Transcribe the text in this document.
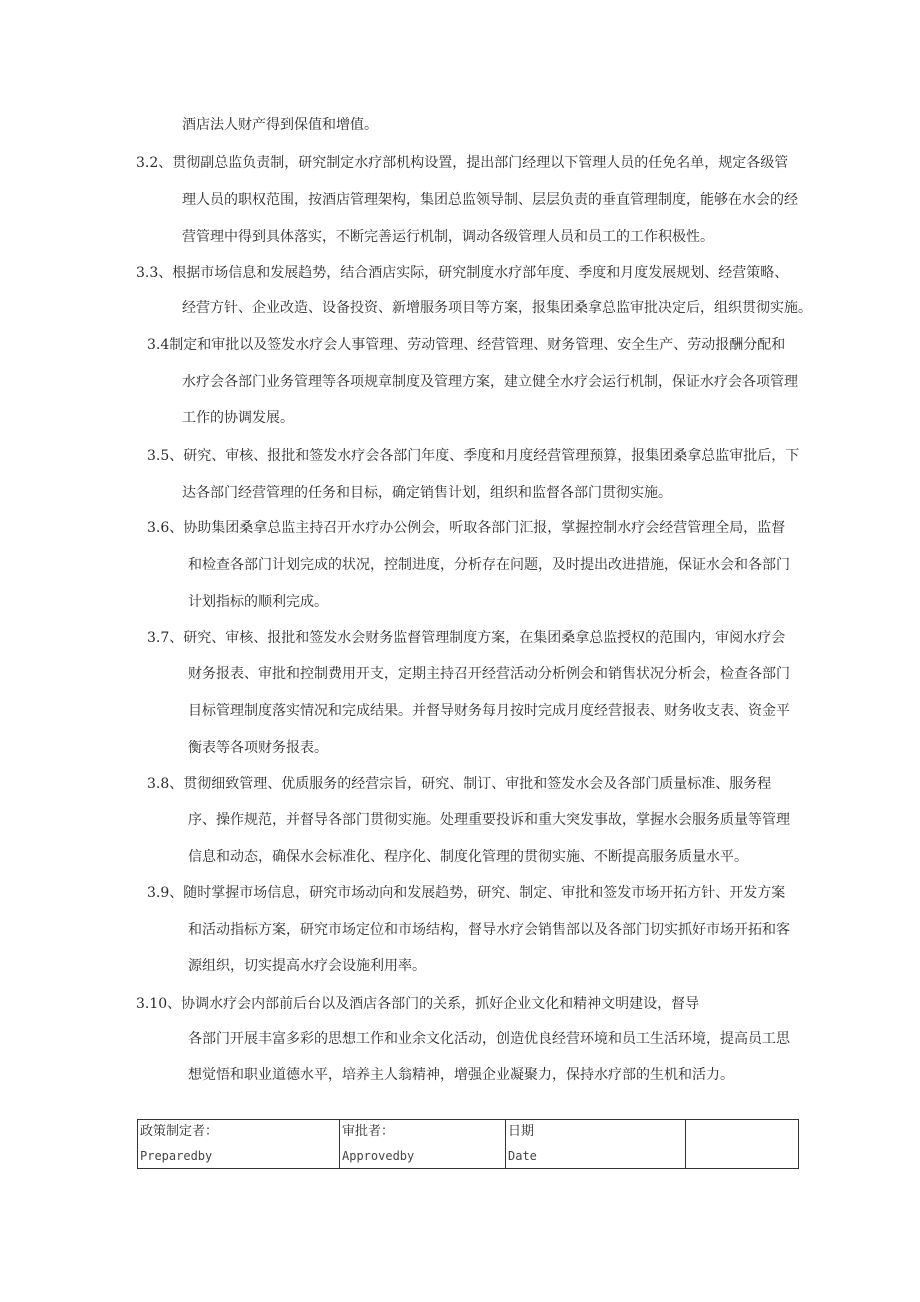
酒店法人财产得到保值和增值。
3.2、贯彻副总监负责制，研究制定水疗部机构设置，提出部门经理以下管理人员的任免名单，规定各级管
理人员的职权范围，按酒店管理架构，集团总监领导制、层层负责的垂直管理制度，能够在水会的经
营管理中得到具体落实，不断完善运行机制，调动各级管理人员和员工的工作积极性。
3.3、根据市场信息和发展趋势，结合酒店实际，研究制度水疗部年度、季度和月度发展规划、经营策略、
经营方针、企业改造、设备投资、新增服务项目等方案，报集团桑拿总监审批决定后，组织贯彻实施。
3.4制定和审批以及签发水疗会人事管理、劳动管理、经营管理、财务管理、安全生产、劳动报酬分配和
水疗会各部门业务管理等各项规章制度及管理方案，建立健全水疗会运行机制，保证水疗会各项管理
工作的协调发展。
3.5、研究、审核、报批和签发水疗会各部门年度、季度和月度经营管理预算，报集团桑拿总监审批后，下
达各部门经营管理的任务和目标，确定销售计划，组织和监督各部门贯彻实施。
3.6、协助集团桑拿总监主持召开水疗办公例会，听取各部门汇报，掌握控制水疗会经营管理全局，监督
和检查各部门计划完成的状况，控制进度，分析存在问题，及时提出改进措施，保证水会和各部门
计划指标的顺利完成。
3.7、研究、审核、报批和签发水会财务监督管理制度方案，在集团桑拿总监授权的范围内，审阅水疗会
财务报表、审批和控制费用开支，定期主持召开经营活动分析例会和销售状况分析会，检查各部门
目标管理制度落实情况和完成结果。并督导财务每月按时完成月度经营报表、财务收支表、资金平
衡表等各项财务报表。
3.8、贯彻细致管理、优质服务的经营宗旨，研究、制订、审批和签发水会及各部门质量标准、服务程
序、操作规范，并督导各部门贯彻实施。处理重要投诉和重大突发事故，掌握水会服务质量等管理
信息和动态，确保水会标准化、程序化、制度化管理的贯彻实施、不断提高服务质量水平。
3.9、随时掌握市场信息，研究市场动向和发展趋势，研究、制定、审批和签发市场开拓方针、开发方案
和活动指标方案，研究市场定位和市场结构，督导水疗会销售部以及各部门切实抓好市场开拓和客
源组织，切实提高水疗会设施利用率。
3.10、协调水疗会内部前后台以及酒店各部门的关系，抓好企业文化和精神文明建设，督导
各部门开展丰富多彩的思想工作和业余文化活动，创造优良经营环境和员工生活环境，提高员工思
想觉悟和职业道德水平，培养主人翁精神，增强企业凝聚力，保持水疗部的生机和活力。
政策制定者：
Preparedby
审批者：
Approvedby
日期
Date
